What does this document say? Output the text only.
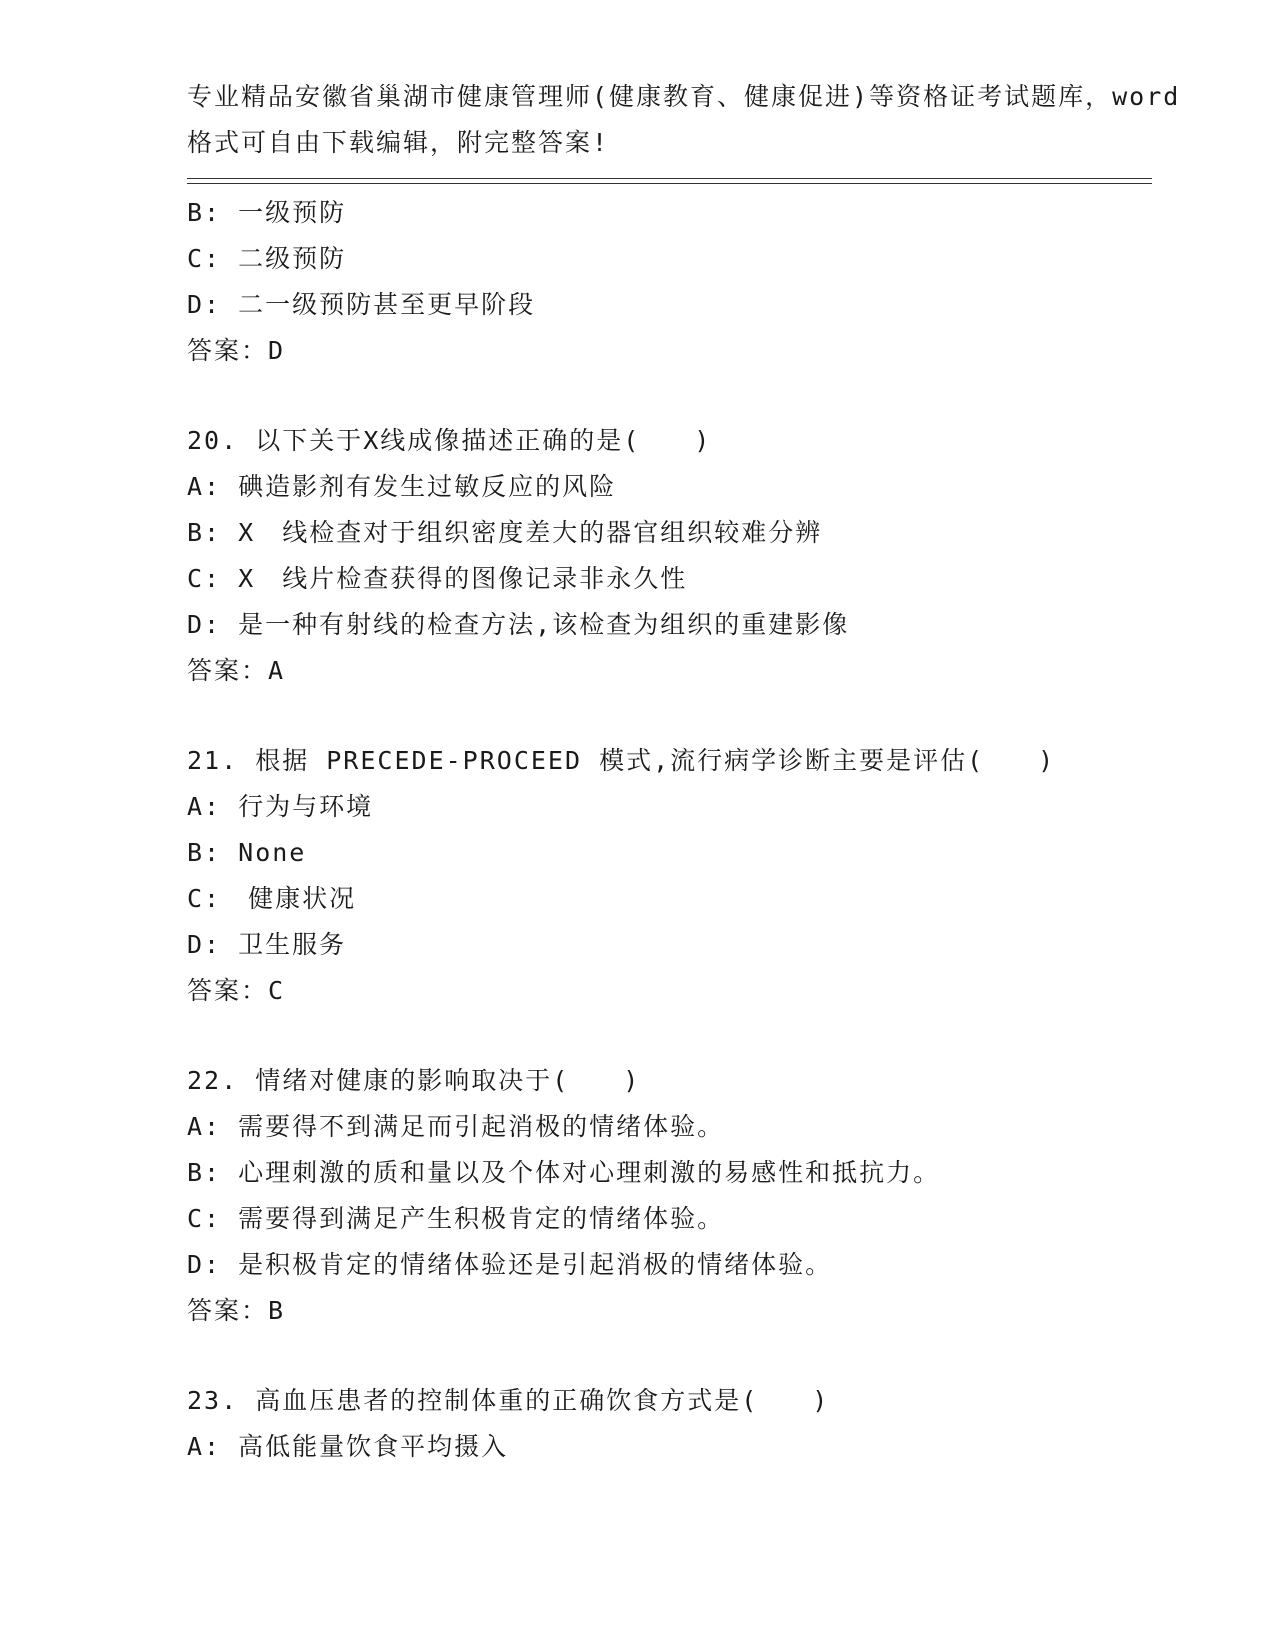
专业精品安徽省巢湖市健康管理师(健康教育、健康促进)等资格证考试题库，word
格式可自由下载编辑，附完整答案!
B: 一级预防
C: 二级预防
D: 二一级预防甚至更早阶段
答案：D
20. 以下关于X线成像描述正确的是(　　)
A: 碘造影剂有发生过敏反应的风险
B: X　线检查对于组织密度差大的器官组织较难分辨
C: X　线片检查获得的图像记录非永久性
D: 是一种有射线的检查方法,该检查为组织的重建影像
答案：A
21. 根据 PRECEDE-PROCEED 模式,流行病学诊断主要是评估(　　)
A: 行为与环境
B: None
C:　健康状况
D: 卫生服务
答案：C
22. 情绪对健康的影响取决于(　　)
A: 需要得不到满足而引起消极的情绪体验。
B: 心理刺激的质和量以及个体对心理刺激的易感性和抵抗力。
C: 需要得到满足产生积极肯定的情绪体验。
D: 是积极肯定的情绪体验还是引起消极的情绪体验。
答案：B
23. 高血压患者的控制体重的正确饮食方式是(　　)
A: 高低能量饮食平均摄入
